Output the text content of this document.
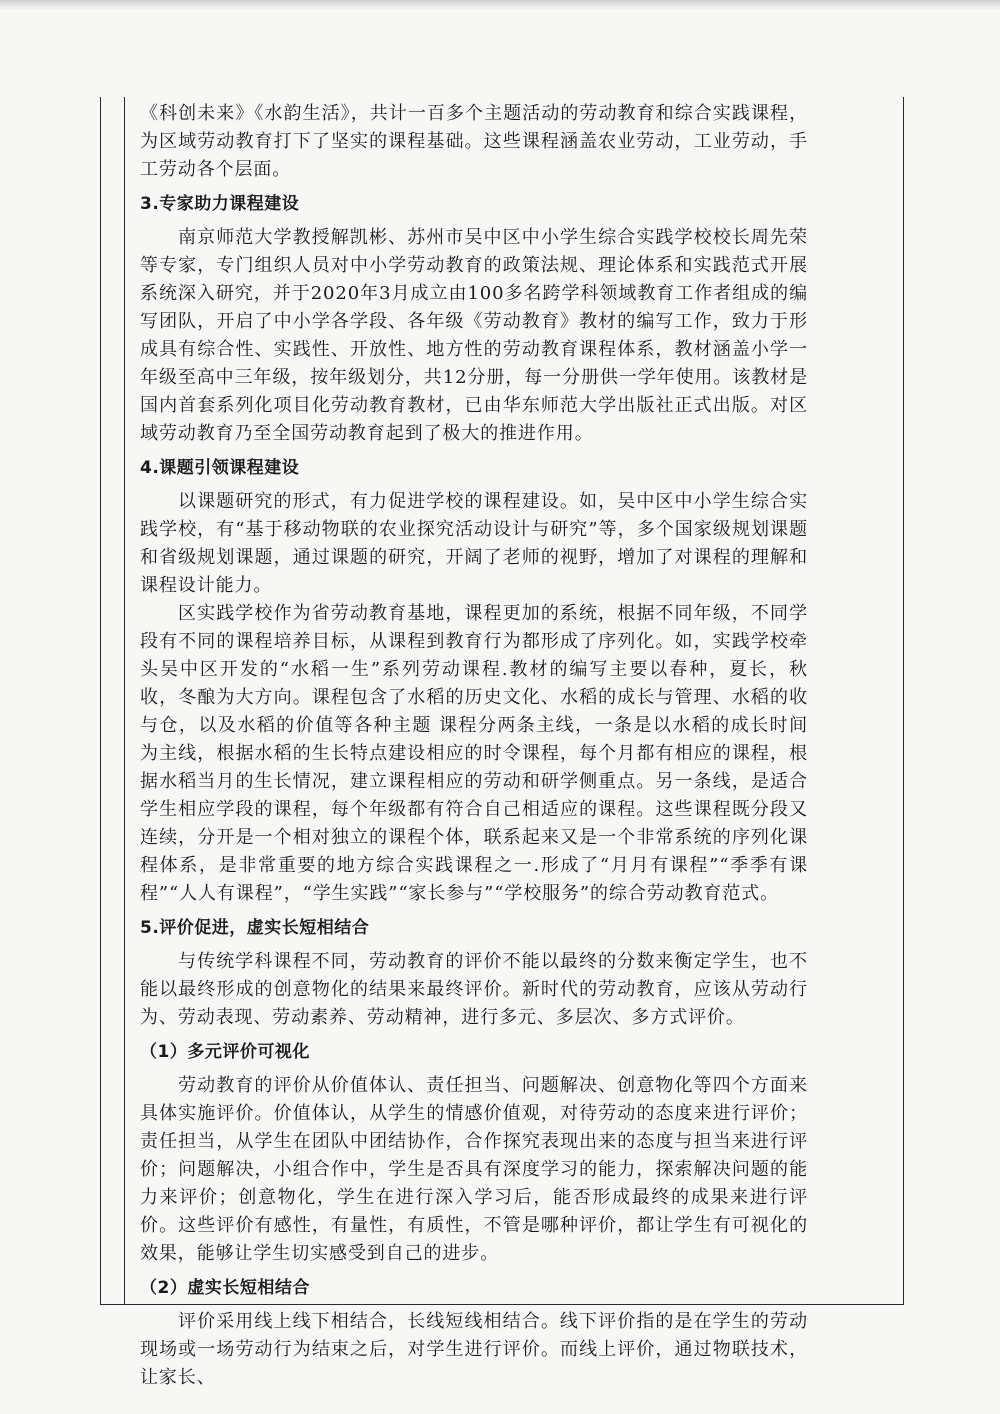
《科创未来》《水韵生活》，共计一百多个主题活动的劳动教育和综合实践课程，为区域劳动教育打下了坚实的课程基础。这些课程涵盖农业劳动，工业劳动，手工劳动各个层面。

3.专家助力课程建设

南京师范大学教授解凯彬、苏州市吴中区中小学生综合实践学校校长周先荣等专家，专门组织人员对中小学劳动教育的政策法规、理论体系和实践范式开展系统深入研究，并于2020年3月成立由100多名跨学科领域教育工作者组成的编写团队，开启了中小学各学段、各年级《劳动教育》教材的编写工作，致力于形成具有综合性、实践性、开放性、地方性的劳动教育课程体系，教材涵盖小学一年级至高中三年级，按年级划分，共12分册，每一分册供一学年使用。该教材是国内首套系列化项目化劳动教育教材，已由华东师范大学出版社正式出版。对区域劳动教育乃至全国劳动教育起到了极大的推进作用。

4.课题引领课程建设

以课题研究的形式，有力促进学校的课程建设。如，吴中区中小学生综合实践学校，有“基于移动物联的农业探究活动设计与研究”等，多个国家级规划课题和省级规划课题，通过课题的研究，开阔了老师的视野，增加了对课程的理解和课程设计能力。

区实践学校作为省劳动教育基地，课程更加的系统，根据不同年级，不同学段有不同的课程培养目标，从课程到教育行为都形成了序列化。如，实践学校牵头吴中区开发的“水稻一生”系列劳动课程.教材的编写主要以春种，夏长，秋收，冬酿为大方向。课程包含了水稻的历史文化、水稻的成长与管理、水稻的收与仓，以及水稻的价值等各种主题 课程分两条主线，一条是以水稻的成长时间为主线，根据水稻的生长特点建设相应的时令课程，每个月都有相应的课程，根据水稻当月的生长情况，建立课程相应的劳动和研学侧重点。另一条线，是适合学生相应学段的课程，每个年级都有符合自己相适应的课程。这些课程既分段又连续，分开是一个相对独立的课程个体，联系起来又是一个非常系统的序列化课程体系，是非常重要的地方综合实践课程之一.形成了“月月有课程”“季季有课程”“人人有课程”，“学生实践”“家长参与”“学校服务”的综合劳动教育范式。

5.评价促进，虚实长短相结合

与传统学科课程不同，劳动教育的评价不能以最终的分数来衡定学生，也不能以最终形成的创意物化的结果来最终评价。新时代的劳动教育，应该从劳动行为、劳动表现、劳动素养、劳动精神，进行多元、多层次、多方式评价。

（1）多元评价可视化

劳动教育的评价从价值体认、责任担当、问题解决、创意物化等四个方面来具体实施评价。价值体认，从学生的情感价值观，对待劳动的态度来进行评价；责任担当，从学生在团队中团结协作，合作探究表现出来的态度与担当来进行评价；问题解决，小组合作中，学生是否具有深度学习的能力，探索解决问题的能力来评价；创意物化，学生在进行深入学习后，能否形成最终的成果来进行评价。这些评价有感性，有量性，有质性，不管是哪种评价，都让学生有可视化的效果，能够让学生切实感受到自己的进步。

（2）虚实长短相结合

评价采用线上线下相结合，长线短线相结合。线下评价指的是在学生的劳动现场或一场劳动行为结束之后，对学生进行评价。而线上评价，通过物联技术，让家长、
